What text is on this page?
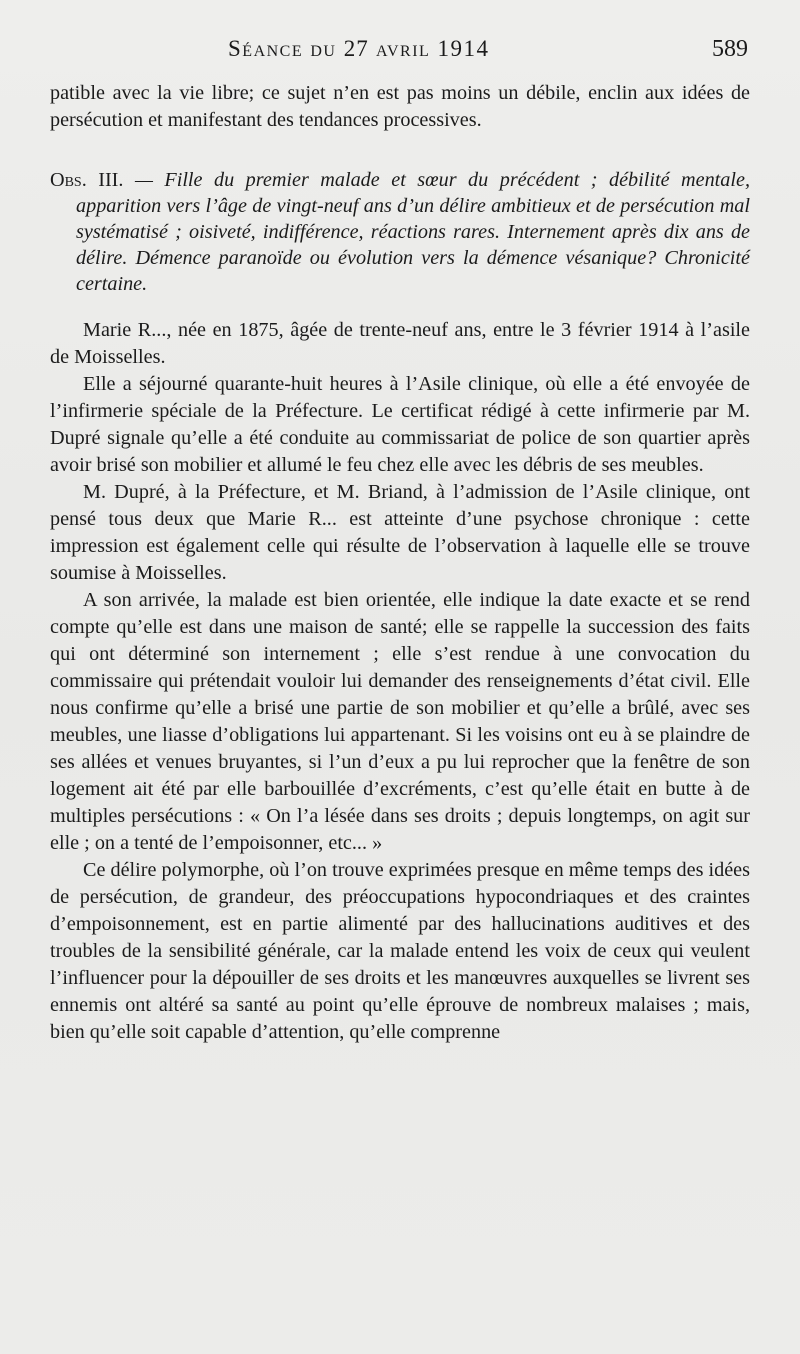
Séance du 27 avril 1914	589

patible avec la vie libre; ce sujet n’en est pas moins un débile, enclin aux idées de persécution et manifestant des tendances processives.

Obs. III. — Fille du premier malade et sœur du précédent ; débilité mentale, apparition vers l’âge de vingt-neuf ans d’un délire ambitieux et de persécution mal systématisé ; oisiveté, indifférence, réactions rares. Internement après dix ans de délire. Démence paranoïde ou évolution vers la démence vésanique? Chronicité certaine.

Marie R..., née en 1875, âgée de trente-neuf ans, entre le 3 février 1914 à l’asile de Moisselles.

Elle a séjourné quarante-huit heures à l’Asile clinique, où elle a été envoyée de l’infirmerie spéciale de la Préfecture. Le certificat rédigé à cette infirmerie par M. Dupré signale qu’elle a été conduite au commissariat de police de son quartier après avoir brisé son mobilier et allumé le feu chez elle avec les débris de ses meubles.

M. Dupré, à la Préfecture, et M. Briand, à l’admission de l’Asile clinique, ont pensé tous deux que Marie R... est atteinte d’une psychose chronique : cette impression est également celle qui résulte de l’observation à laquelle elle se trouve soumise à Moisselles.

A son arrivée, la malade est bien orientée, elle indique la date exacte et se rend compte qu’elle est dans une maison de santé; elle se rappelle la succession des faits qui ont déterminé son internement ; elle s’est rendue à une convocation du commissaire qui prétendait vouloir lui demander des renseignements d’état civil. Elle nous confirme qu’elle a brisé une partie de son mobilier et qu’elle a brûlé, avec ses meubles, une liasse d’obligations lui appartenant. Si les voisins ont eu à se plaindre de ses allées et venues bruyantes, si l’un d’eux a pu lui reprocher que la fenêtre de son logement ait été par elle barbouillée d’excréments, c’est qu’elle était en butte à de multiples persécutions : « On l’a lésée dans ses droits ; depuis longtemps, on agit sur elle ; on a tenté de l’empoisonner, etc... »

Ce délire polymorphe, où l’on trouve exprimées presque en même temps des idées de persécution, de grandeur, des préoccupations hypocondriaques et des craintes d’empoisonnement, est en partie alimenté par des hallucinations auditives et des troubles de la sensibilité générale, car la malade entend les voix de ceux qui veulent l’influencer pour la dépouiller de ses droits et les manœuvres auxquelles se livrent ses ennemis ont altéré sa santé au point qu’elle éprouve de nombreux malaises ; mais, bien qu’elle soit capable d’attention, qu’elle comprenne
